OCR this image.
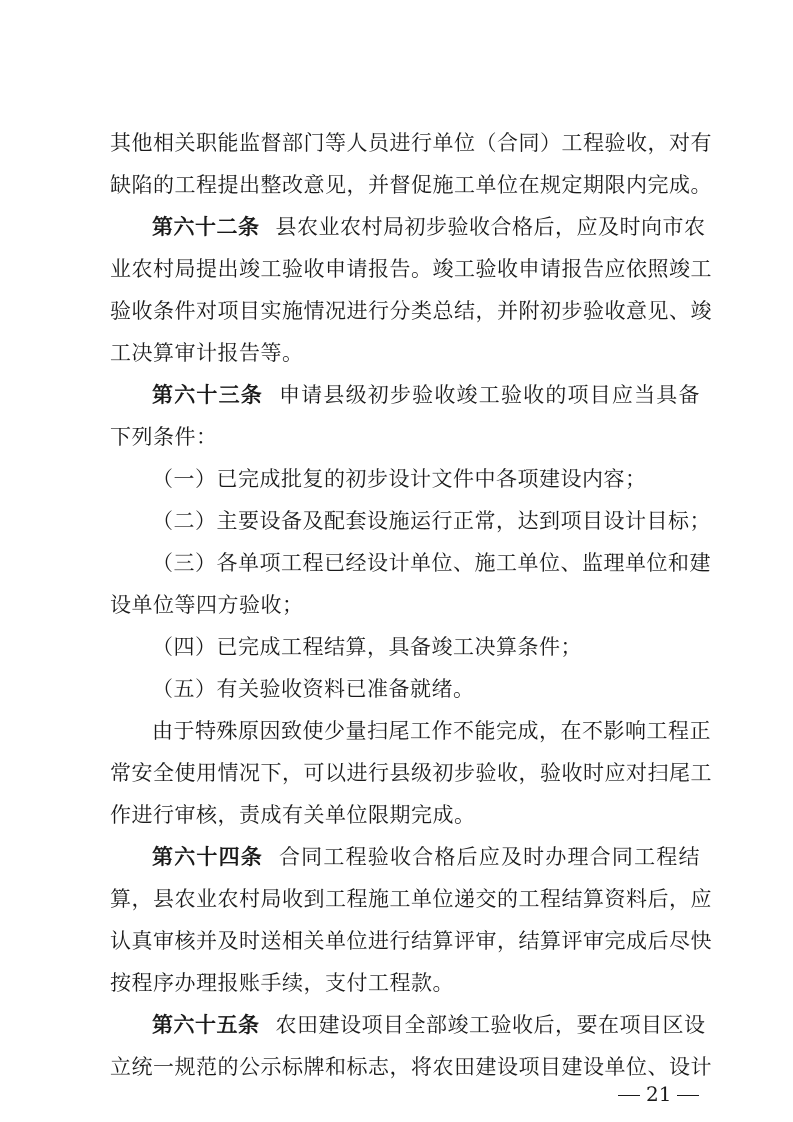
其他相关职能监督部门等人员进行单位（合同）工程验收，对有
缺陷的工程提出整改意见，并督促施工单位在规定期限内完成。
第六十二条 县农业农村局初步验收合格后，应及时向市农
业农村局提出竣工验收申请报告。竣工验收申请报告应依照竣工
验收条件对项目实施情况进行分类总结，并附初步验收意见、竣
工决算审计报告等。
第六十三条 申请县级初步验收竣工验收的项目应当具备
下列条件：
（一）已完成批复的初步设计文件中各项建设内容；
（二）主要设备及配套设施运行正常，达到项目设计目标；
（三）各单项工程已经设计单位、施工单位、监理单位和建
设单位等四方验收；
（四）已完成工程结算，具备竣工决算条件；
（五）有关验收资料已准备就绪。
由于特殊原因致使少量扫尾工作不能完成，在不影响工程正
常安全使用情况下，可以进行县级初步验收，验收时应对扫尾工
作进行审核，责成有关单位限期完成。
第六十四条 合同工程验收合格后应及时办理合同工程结
算，县农业农村局收到工程施工单位递交的工程结算资料后，应
认真审核并及时送相关单位进行结算评审，结算评审完成后尽快
按程序办理报账手续，支付工程款。
第六十五条 农田建设项目全部竣工验收后，要在项目区设
21
立统一规范的公示标牌和标志，将农田建设项目建设单位、设计
